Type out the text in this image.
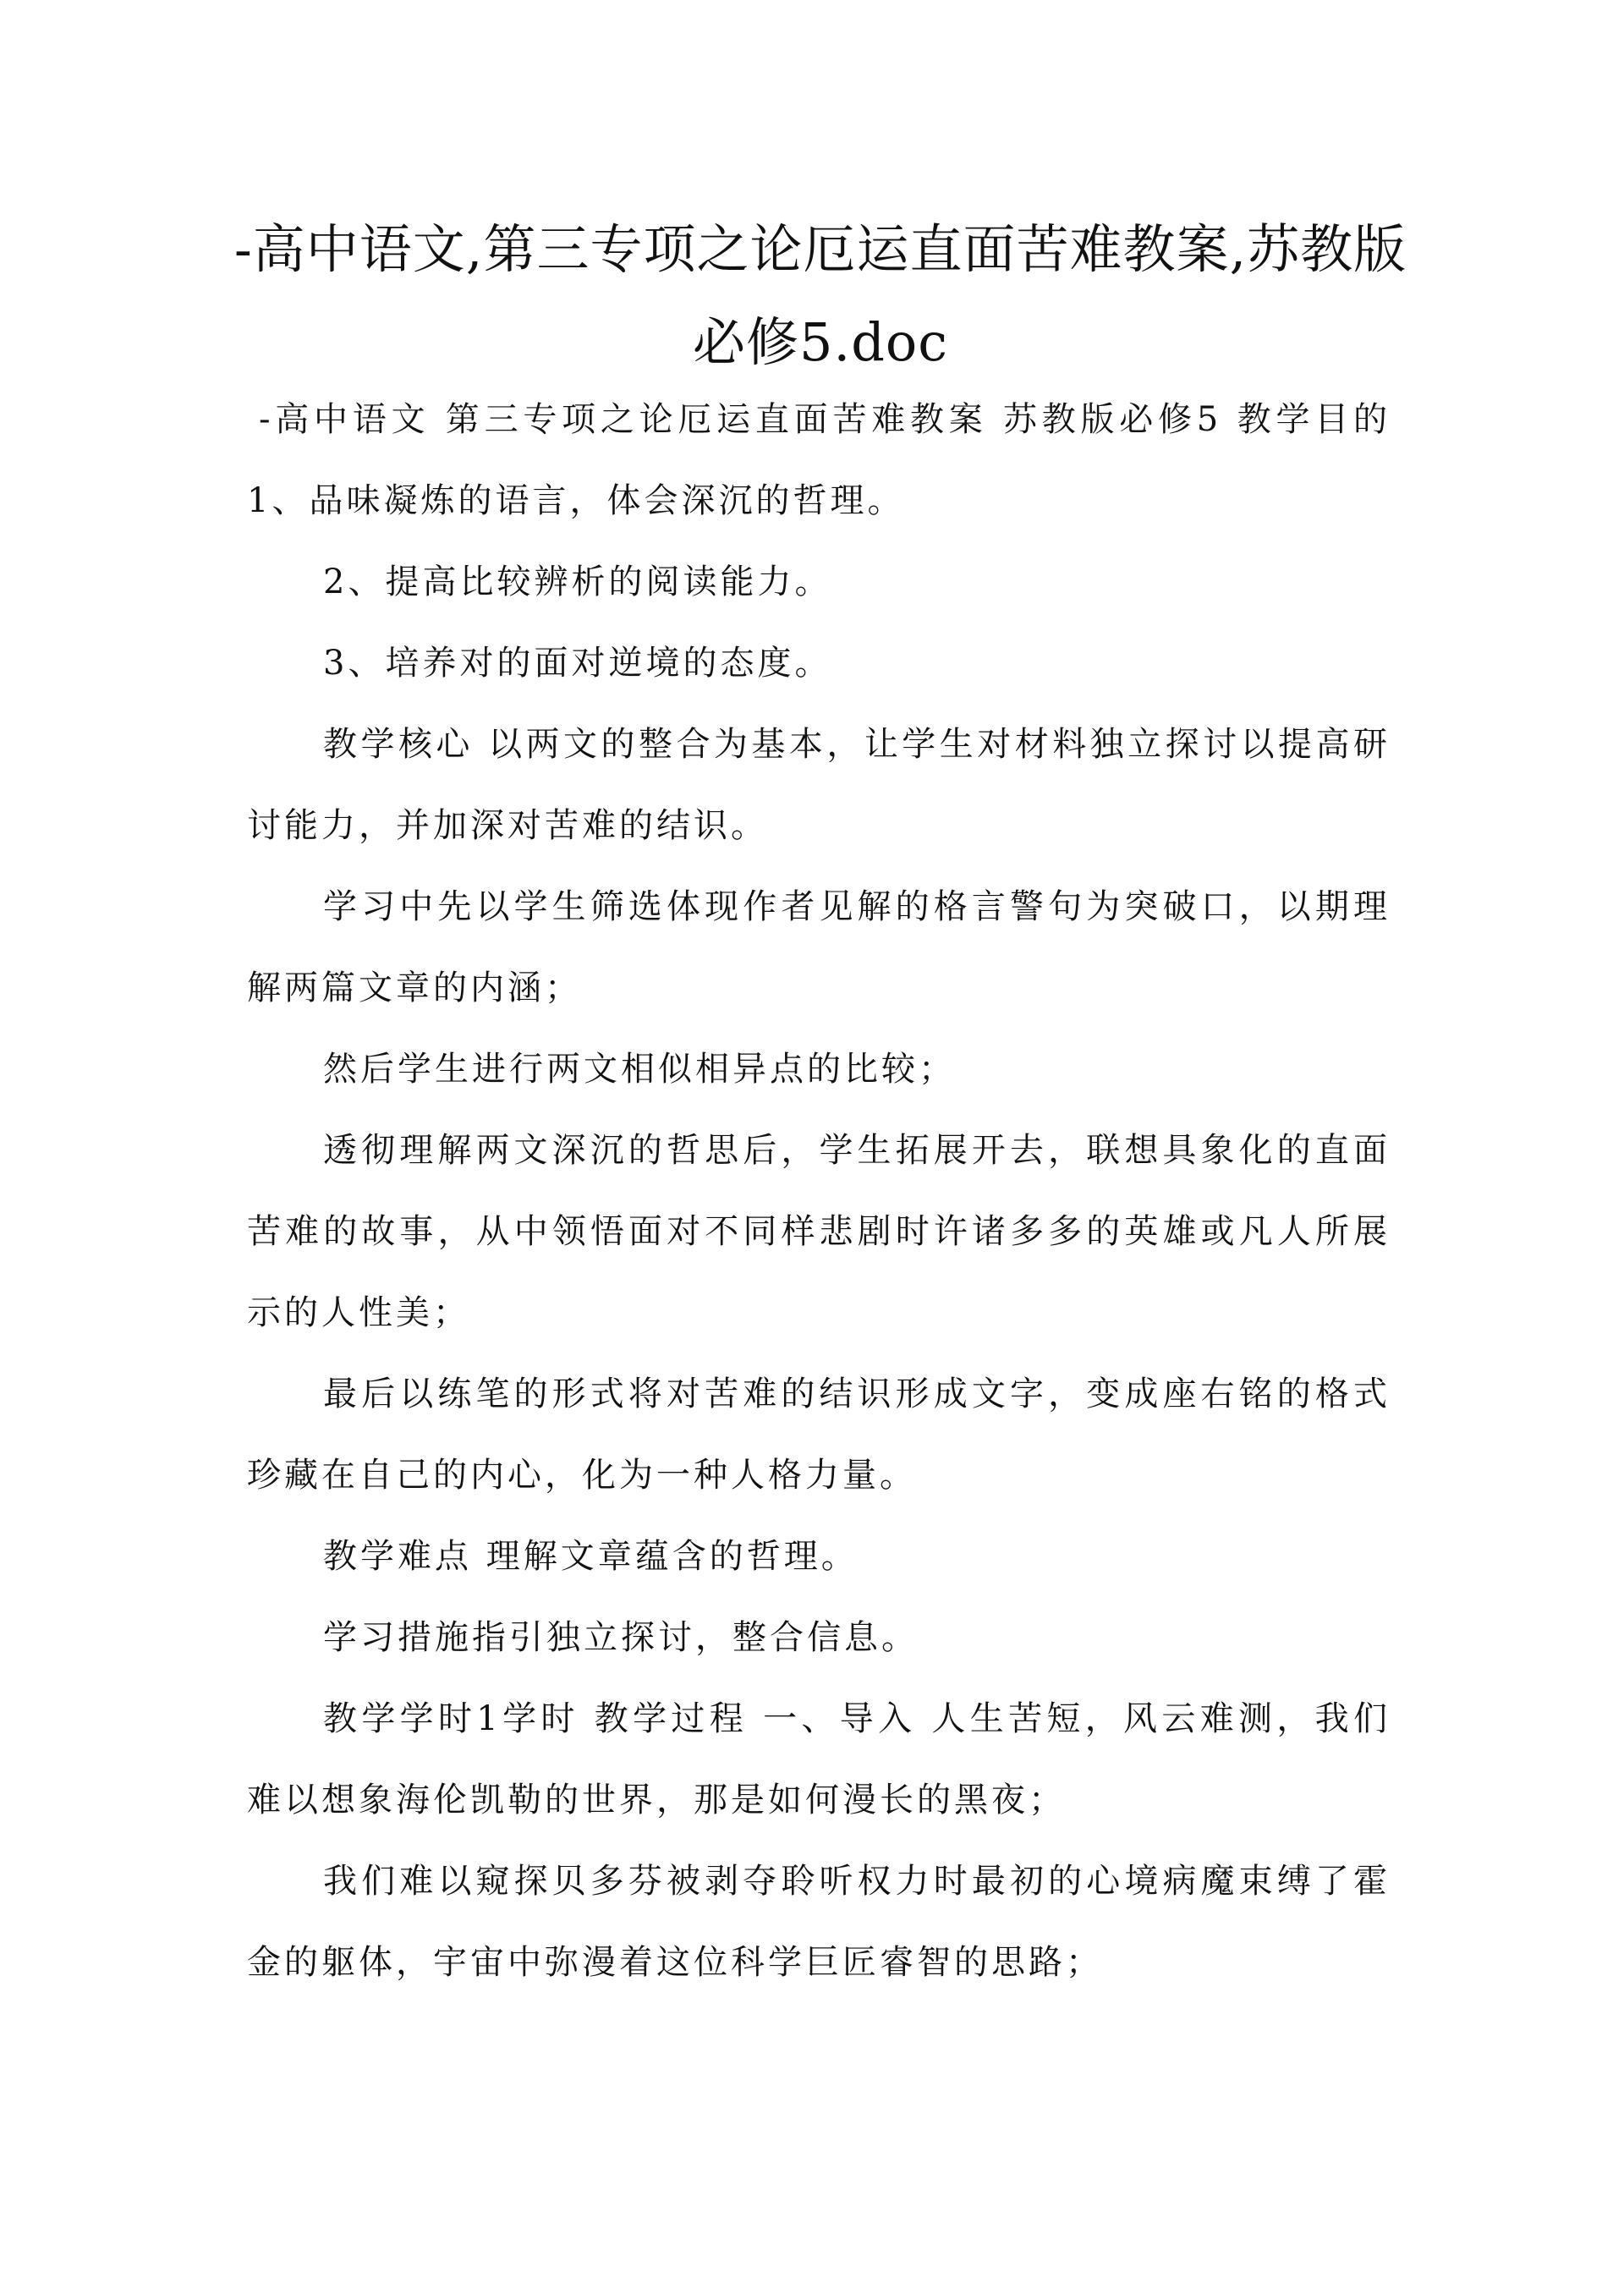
-高中语文,第三专项之论厄运直面苦难教案,苏教版必修5.doc

-高中语文 第三专项之论厄运直面苦难教案 苏教版必修5 教学目的 1、品味凝炼的语言，体会深沉的哲理。

2、提高比较辨析的阅读能力。

3、培养对的面对逆境的态度。

教学核心 以两文的整合为基本，让学生对材料独立探讨以提高研讨能力，并加深对苦难的结识。

学习中先以学生筛选体现作者见解的格言警句为突破口，以期理解两篇文章的内涵；

然后学生进行两文相似相异点的比较；

透彻理解两文深沉的哲思后，学生拓展开去，联想具象化的直面苦难的故事，从中领悟面对不同样悲剧时许诸多多的英雄或凡人所展示的人性美；

最后以练笔的形式将对苦难的结识形成文字，变成座右铭的格式珍藏在自己的内心，化为一种人格力量。

教学难点 理解文章蕴含的哲理。

学习措施指引独立探讨，整合信息。

教学学时1学时 教学过程 一、导入 人生苦短，风云难测，我们难以想象海伦凯勒的世界，那是如何漫长的黑夜；

我们难以窥探贝多芬被剥夺聆听权力时最初的心境病魔束缚了霍金的躯体，宇宙中弥漫着这位科学巨匠睿智的思路；
